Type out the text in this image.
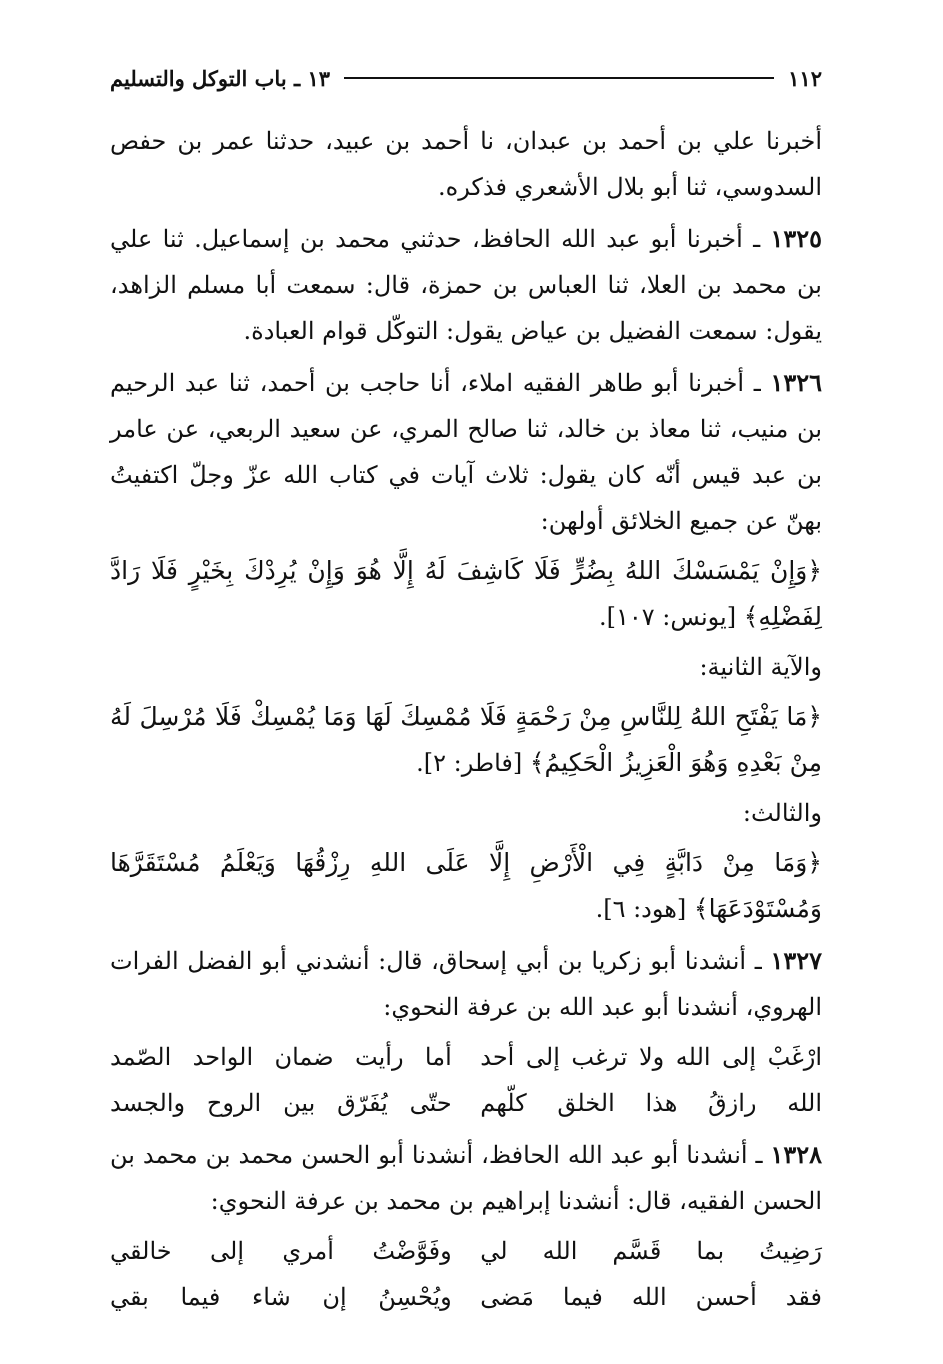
١١٢
١٣ ـ باب التوكل والتسليم

أخبرنا علي بن أحمد بن عبدان، نا أحمد بن عبيد، حدثنا عمر بن حفص السدوسي، ثنا أبو بلال الأشعري فذكره.

١٣٢٥ ـ أخبرنا أبو عبد الله الحافظ، حدثني محمد بن إسماعيل. ثنا علي بن محمد بن العلا، ثنا العباس بن حمزة، قال: سمعت أبا مسلم الزاهد، يقول: سمعت الفضيل بن عياض يقول: التوكّل قوام العبادة.

١٣٢٦ ـ أخبرنا أبو طاهر الفقيه املاء، أنا حاجب بن أحمد، ثنا عبد الرحيم بن منيب، ثنا معاذ بن خالد، ثنا صالح المري، عن سعيد الربعي، عن عامر بن عبد قيس أنّه كان يقول: ثلاث آيات في كتاب الله عزّ وجلّ اكتفيتُ بهنّ عن جميع الخلائق أولهن:

﴿وَإِنْ يَمْسَسْكَ اللهُ بِضُرٍّ فَلَا كَاشِفَ لَهُ إِلَّا هُوَ وَإِنْ يُرِدْكَ بِخَيْرٍ فَلَا رَادَّ لِفَضْلِهِ﴾ [يونس: ١٠٧].

والآية الثانية:

﴿مَا يَفْتَحِ اللهُ لِلنَّاسِ مِنْ رَحْمَةٍ فَلَا مُمْسِكَ لَهَا وَمَا يُمْسِكْ فَلَا مُرْسِلَ لَهُ مِنْ بَعْدِهِ وَهُوَ الْعَزِيزُ الْحَكِيمُ﴾ [فاطر: ٢].

والثالث:

﴿وَمَا مِنْ دَابَّةٍ فِي الْأَرْضِ إِلَّا عَلَى اللهِ رِزْقُهَا وَيَعْلَمُ مُسْتَقَرَّهَا وَمُسْتَوْدَعَهَا﴾ [هود: ٦].

١٣٢٧ ـ أنشدنا أبو زكريا بن أبي إسحاق، قال: أنشدني أبو الفضل الفرات الهروي، أنشدنا أبو عبد الله بن عرفة النحوي:

ارْغَبْ إلى الله ولا ترغب إلى أحد
أما رأيت ضمان الواحد الصّمد
الله رازقُ هذا الخلق كلّهم
حتّى يُفَرّق بين الروح والجسد

١٣٢٨ ـ أنشدنا أبو عبد الله الحافظ، أنشدنا أبو الحسن محمد بن محمد بن الحسن الفقيه، قال: أنشدنا إبراهيم بن محمد بن عرفة النحوي:

رَضِيتُ بما قَسَّم الله لي
وفَوَّضْتُ أمري إلى خالقي
فقد أحسن الله فيما مَضى
ويُحْسِنُ إن شاء فيما بقي
